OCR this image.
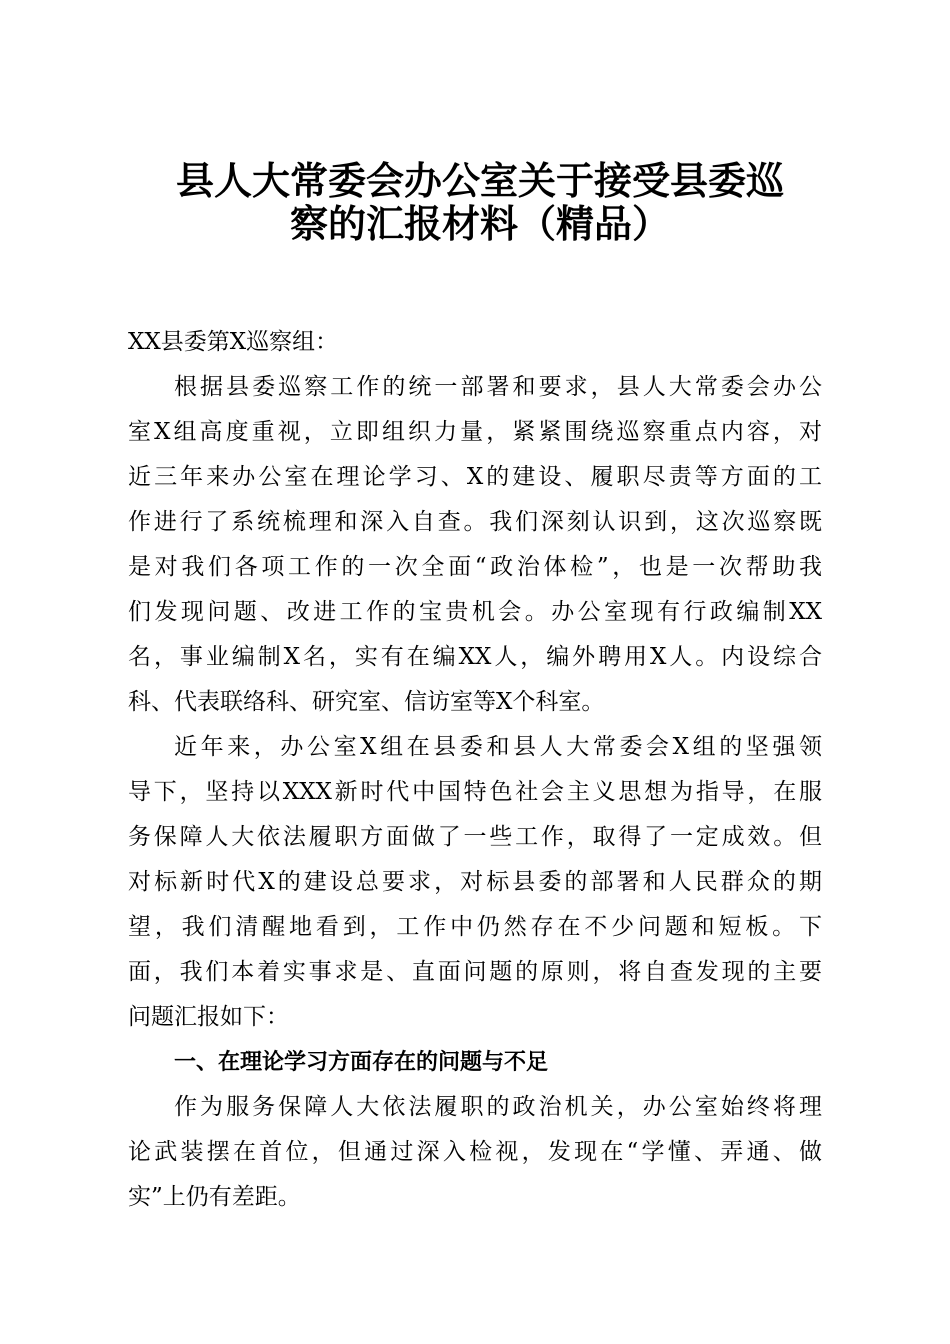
县人大常委会办公室关于接受县委巡
察的汇报材料（精品）
XX县委第X巡察组：
根据县委巡察工作的统一部署和要求，县人大常委会办公
室X组高度重视，立即组织力量，紧紧围绕巡察重点内容，对
近三年来办公室在理论学习、X的建设、履职尽责等方面的工
作进行了系统梳理和深入自查。我们深刻认识到，这次巡察既
是对我们各项工作的一次全面“政治体检”，也是一次帮助我
们发现问题、改进工作的宝贵机会。办公室现有行政编制XX
名，事业编制X名，实有在编XX人，编外聘用X人。内设综合
科、代表联络科、研究室、信访室等X个科室。
近年来，办公室X组在县委和县人大常委会X组的坚强领
导下，坚持以XXX新时代中国特色社会主义思想为指导，在服
务保障人大依法履职方面做了一些工作，取得了一定成效。但
对标新时代X的建设总要求，对标县委的部署和人民群众的期
望，我们清醒地看到，工作中仍然存在不少问题和短板。下
面，我们本着实事求是、直面问题的原则，将自查发现的主要
问题汇报如下：
一、在理论学习方面存在的问题与不足
作为服务保障人大依法履职的政治机关，办公室始终将理
论武装摆在首位，但通过深入检视，发现在“学懂、弄通、做
实”上仍有差距。
